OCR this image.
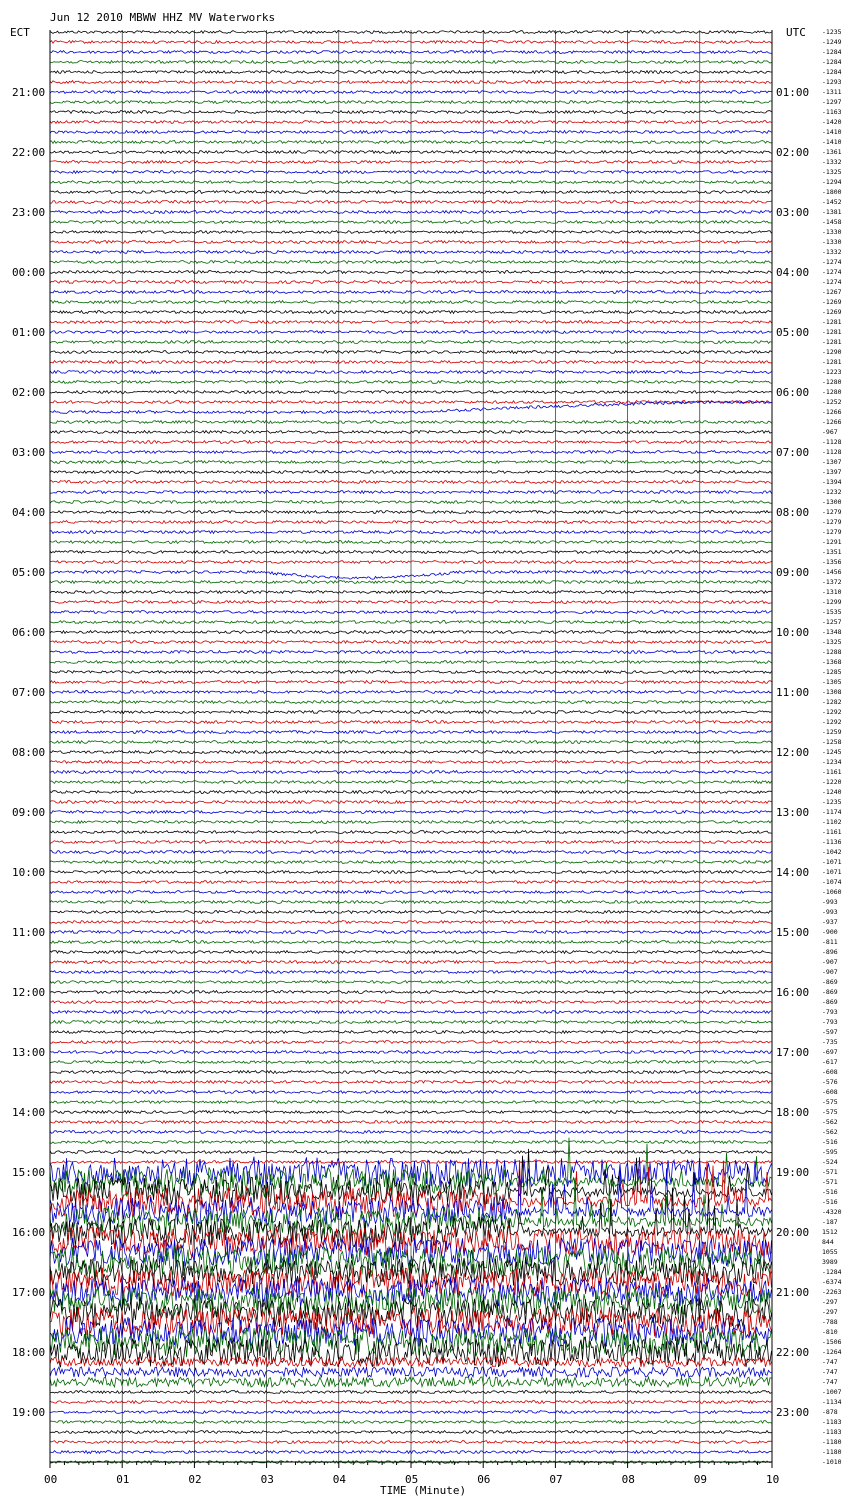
Jun 12 2010 MBWW HHZ MV Waterworks
ECT	UTC
TIME (Minute)
21:00
22:00
23:00
00:00
01:00
02:00
03:00
04:00
05:00
06:00
07:00
08:00
09:00
10:00
11:00
12:00
13:00
14:00
15:00
16:00
17:00
18:00
19:00
01:00
02:00
03:00
04:00
05:00
06:00
07:00
08:00
09:00
10:00
11:00
12:00
13:00
14:00
15:00
16:00
17:00
18:00
19:00
20:00
21:00
22:00
23:00
-1235
-1249
-1284
-1284
-1284
-1293
-1311
-1297
-1163
-1420
-1410
-1410
-1361
-1332
-1325
-1294
-1800
-1452
-1381
-1458
-1330
-1330
-1332
-1274
-1274
-1274
-1267
-1269
-1269
-1281
-1281
-1281
-1290
-1281
-1223
-1280
-1280
-1252
-1266
-1266
-967
-1128
-1128
-1307
-1397
-1394
-1232
-1300
-1279
-1279
-1279
-1291
-1351
-1356
-1456
-1372
-1310
-1299
-1535
-1257
-1348
-1325
-1288
-1368
-1285
-1305
-1308
-1282
-1292
-1292
-1259
-1258
-1245
-1234
-1161
-1220
-1240
-1235
-1174
-1102
-1161
-1136
-1042
-1071
-1071
-1074
-1060
-993
-993
-937
-900
-811
-896
-907
-907
-869
-869
-869
-793
-793
-597
-735
-697
-617
-608
-576
-608
-575
-575
-562
-562
-516
-595
-524
-571
-571
-516
-516
-4320
-187
1512
844
1055
3989
-1284
-6374
-2263
-297
-297
-788
-810
-1506
-1264
-747
-747
-747
-1007
-1134
-878
-1183
-1183
-1180
-1180
-1010
00	01	02	03	04	05	06	07	08	09	10
